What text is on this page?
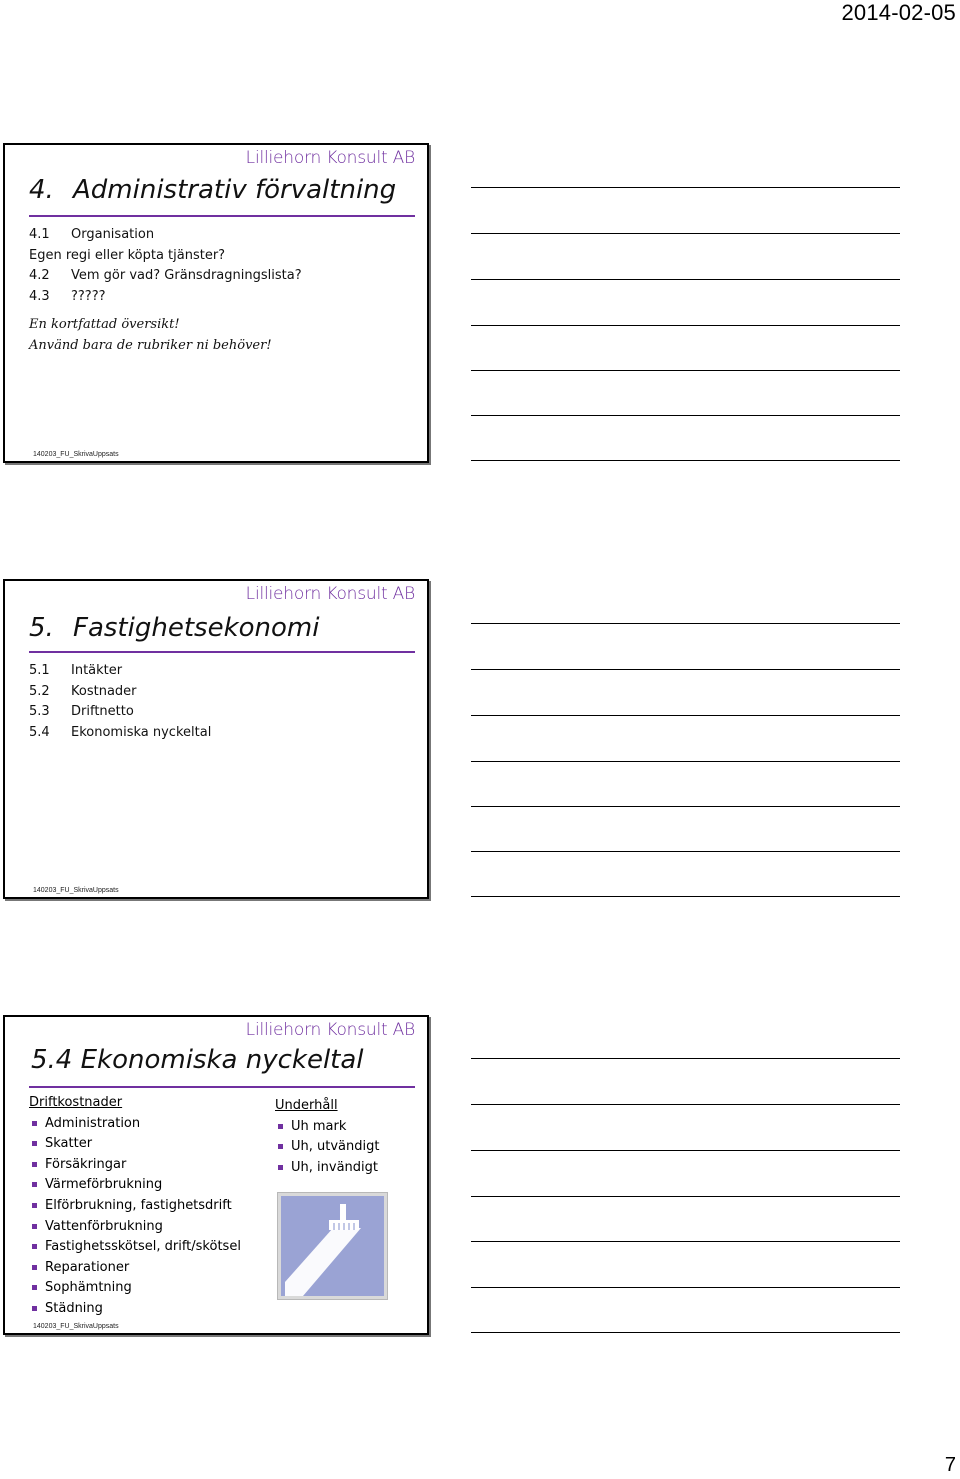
2014-02-05
Lilliehorn Konsult AB
4. Administrativ förvaltning
4.1 Organisation
Egen regi eller köpta tjänster?
4.2 Vem gör vad? Gränsdragningslista?
4.3 ?????
En kortfattad översikt!
Använd bara de rubriker ni behöver!
140203_FU_SkrivaUppsats
Lilliehorn Konsult AB
5. Fastighetsekonomi
5.1 Intäkter
5.2 Kostnader
5.3 Driftnetto
5.4 Ekonomiska nyckeltal
140203_FU_SkrivaUppsats
Lilliehorn Konsult AB
5.4 Ekonomiska nyckeltal
Driftkostnader
Administration
Skatter
Försäkringar
Värmeförbrukning
Elförbrukning, fastighetsdrift
Vattenförbrukning
Fastighetsskötsel, drift/skötsel
Reparationer
Sophämtning
Städning
Underhåll
Uh mark
Uh, utvändigt
Uh, invändigt
140203_FU_SkrivaUppsats
7
